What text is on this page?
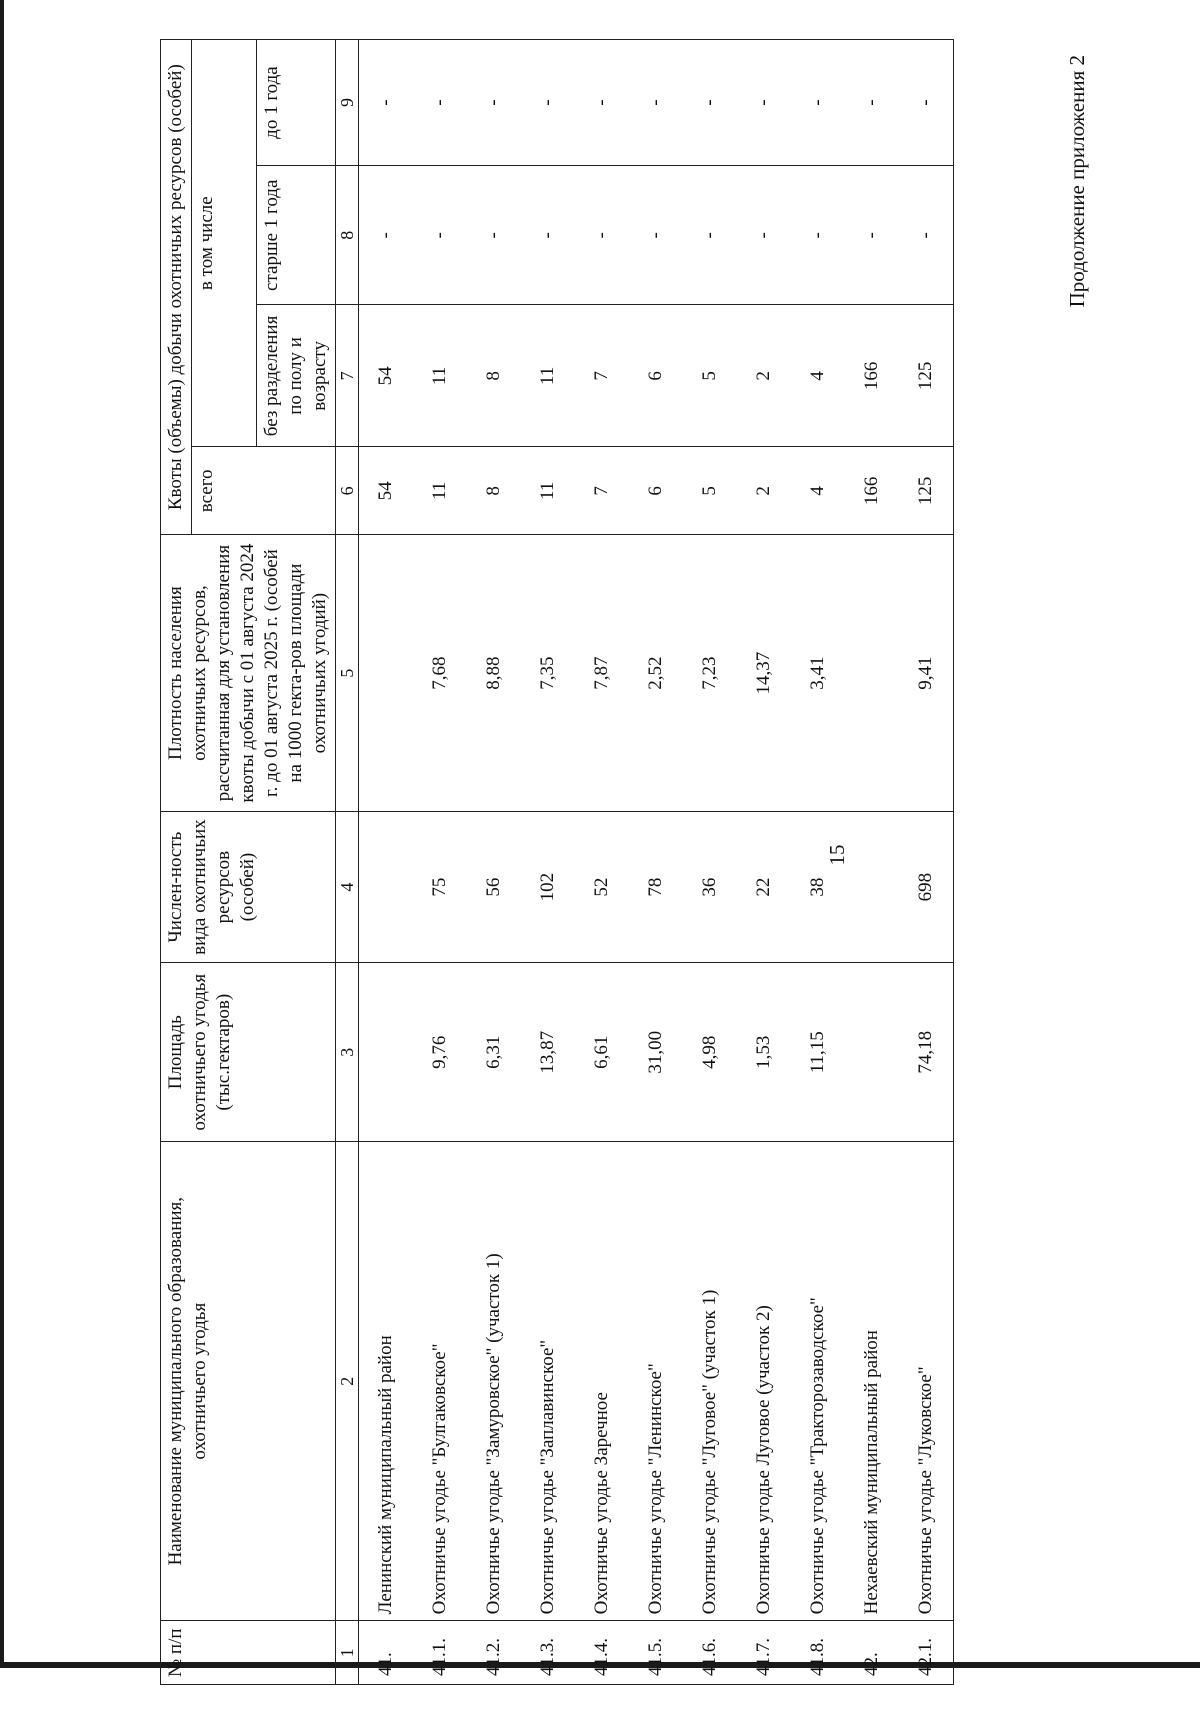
15
Продолжение приложения 2
№ п/п	Наименование муниципального образования, охотничьего угодья	Площадь охотничьего угодья (тыс.гектаров)	Числен-ность вида охотничьих ресурсов (особей)	Плотность населения охотничьих ресурсов, рассчитанная для установления квоты добычи с 01 августа 2024 г. до 01 августа 2025 г. (особей на 1000 гекта-ров площади охотничьих угодий)	Квоты (объемы) добычи охотничьих ресурсов (особей)			
					всего	в том числе		
						без разделения по полу и возрасту	старше 1 года	до 1 года
1	2	3	4	5	6	7	8	9
41.	Ленинский муниципальный район				54	54	-	-
41.1.	Охотничье угодье "Булгаковское"	9,76	75	7,68	11	11	-	-
41.2.	Охотничье угодье "Замуровское" (участок 1)	6,31	56	8,88	8	8	-	-
41.3.	Охотничье угодье "Заплавинское"	13,87	102	7,35	11	11	-	-
41.4.	Охотничье угодье Заречное	6,61	52	7,87	7	7	-	-
41.5.	Охотничье угодье "Ленинское"	31,00	78	2,52	6	6	-	-
41.6.	Охотничье угодье "Луговое" (участок 1)	4,98	36	7,23	5	5	-	-
41.7.	Охотничье угодье Луговое (участок 2)	1,53	22	14,37	2	2	-	-
41.8.	Охотничье угодье "Тракторозаводское"	11,15	38	3,41	4	4	-	-
42.	Нехаевский муниципальный район				166	166	-	-
42.1.	Охотничье угодье "Луковское"	74,18	698	9,41	125	125	-	-
